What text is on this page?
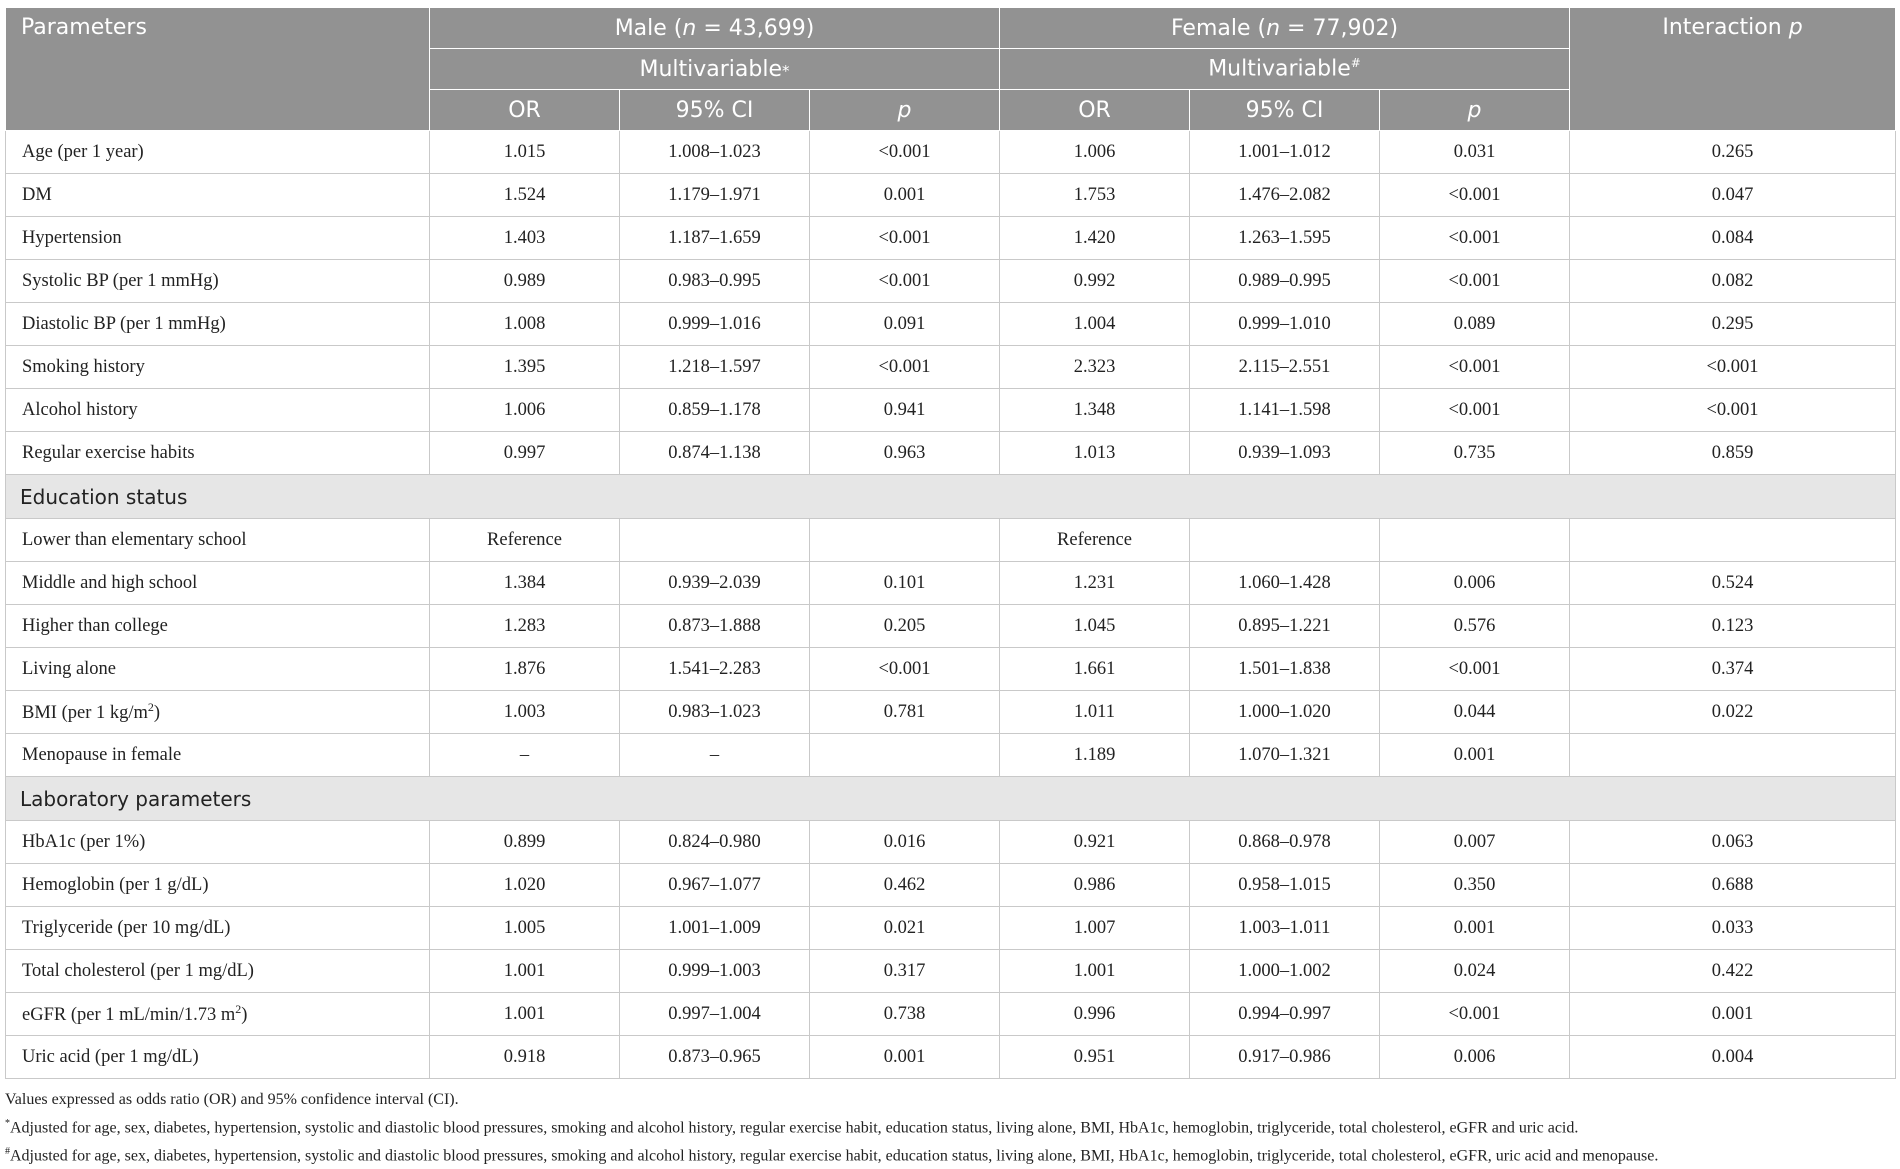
Parameters	Male (n = 43,699)			Female (n = 77,902)			Interaction p
	Multivariable*			Multivariable#
	OR	95% CI	p	OR	95% CI	p	
Age (per 1 year)	1.015	1.008–1.023	<0.001	1.006	1.001–1.012	0.031	0.265
DM	1.524	1.179–1.971	0.001	1.753	1.476–2.082	<0.001	0.047
Hypertension	1.403	1.187–1.659	<0.001	1.420	1.263–1.595	<0.001	0.084
Systolic BP (per 1 mmHg)	0.989	0.983–0.995	<0.001	0.992	0.989–0.995	<0.001	0.082
Diastolic BP (per 1 mmHg)	1.008	0.999–1.016	0.091	1.004	0.999–1.010	0.089	0.295
Smoking history	1.395	1.218–1.597	<0.001	2.323	2.115–2.551	<0.001	<0.001
Alcohol history	1.006	0.859–1.178	0.941	1.348	1.141–1.598	<0.001	<0.001
Regular exercise habits	0.997	0.874–1.138	0.963	1.013	0.939–1.093	0.735	0.859
Education status							
Lower than elementary school	Reference			Reference			
Middle and high school	1.384	0.939–2.039	0.101	1.231	1.060–1.428	0.006	0.524
Higher than college	1.283	0.873–1.888	0.205	1.045	0.895–1.221	0.576	0.123
Living alone	1.876	1.541–2.283	<0.001	1.661	1.501–1.838	<0.001	0.374
BMI (per 1 $kg/m^2$)	1.003	0.983–1.023	0.781	1.011	1.000–1.020	0.044	0.022
Menopause in female	–	–		1.189	1.070–1.321	0.001	
Laboratory parameters							
HbA1c (per 1%)	0.899	0.824–0.980	0.016	0.921	0.868–0.978	0.007	0.063
Hemoglobin (per 1 g/dL)	1.020	0.967–1.077	0.462	0.986	0.958–1.015	0.350	0.688
Triglyceride (per 10 mg/dL)	1.005	1.001–1.009	0.021	1.007	1.003–1.011	0.001	0.033
Total cholesterol (per 1 mg/dL)	1.001	0.999–1.003	0.317	1.001	1.000–1.002	0.024	0.422
eGFR (per 1 mL/min/1.73 $m^2$)	1.001	0.997–1.004	0.738	0.996	0.994–0.997	<0.001	0.001
Uric acid (per 1 mg/dL)	0.918	0.873–0.965	0.001	0.951	0.917–0.986	0.006	0.004
Values expressed as odds ratio (OR) and 95% confidence interval (CI).
*Adjusted for age, sex, diabetes, hypertension, systolic and diastolic blood pressures, smoking and alcohol history, regular exercise habit, education status, living alone, BMI, HbA1c, hemoglobin, triglyceride, total cholesterol, eGFR and uric acid.
#Adjusted for age, sex, diabetes, hypertension, systolic and diastolic blood pressures, smoking and alcohol history, regular exercise habit, education status, living alone, BMI, HbA1c, hemoglobin, triglyceride, total cholesterol, eGFR, uric acid and menopause.
